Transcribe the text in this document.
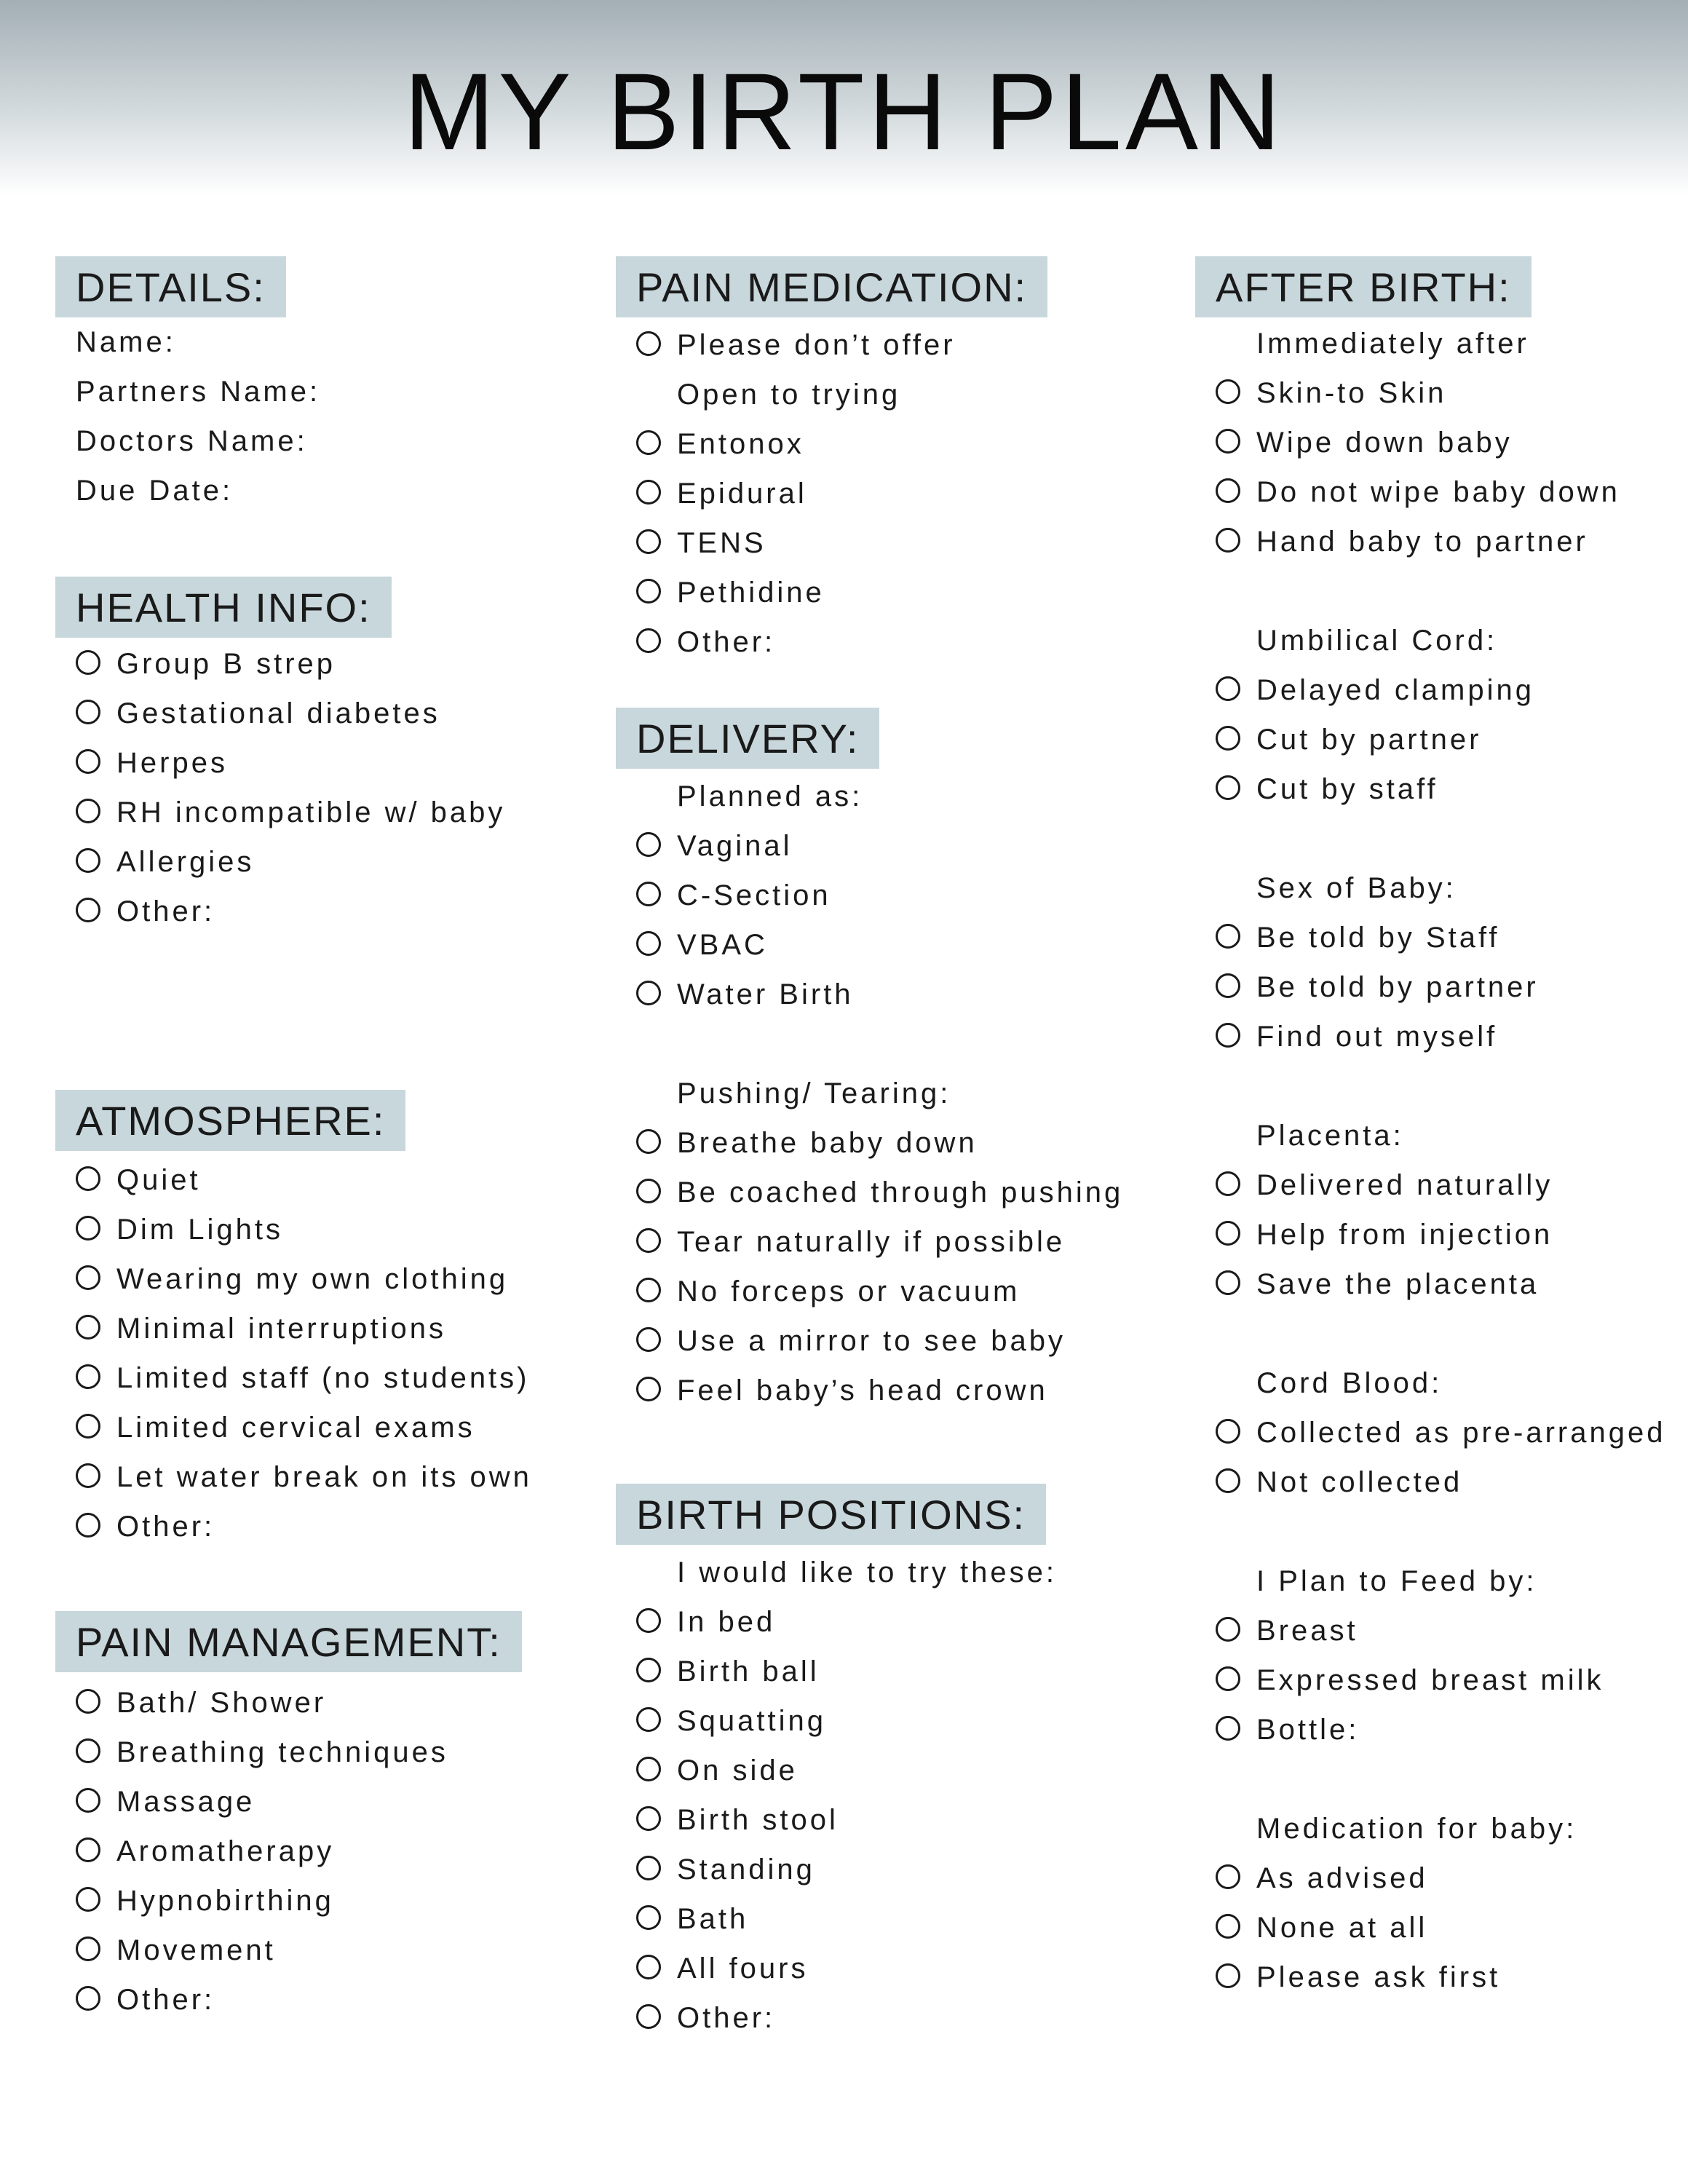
MY BIRTH PLAN
DETAILS:
Name:
Partners Name:
Doctors Name:
Due Date:
HEALTH INFO:
Group B strep
Gestational diabetes
Herpes
RH incompatible w/ baby
Allergies
Other:
ATMOSPHERE:
Quiet
Dim Lights
Wearing my own clothing
Minimal interruptions
Limited staff (no students)
Limited cervical exams
Let water break on its own
Other:
PAIN MANAGEMENT:
Bath/ Shower
Breathing techniques
Massage
Aromatherapy
Hypnobirthing
Movement
Other:
PAIN MEDICATION:
Please don’t offer
Open to trying
Entonox
Epidural
TENS
Pethidine
Other:
DELIVERY:
Planned as:
Vaginal
C-Section
VBAC
Water Birth
Pushing/ Tearing:
Breathe baby down
Be coached through pushing
Tear naturally if possible
No forceps or vacuum
Use a mirror to see baby
Feel baby’s head crown
BIRTH POSITIONS:
I would like to try these:
In bed
Birth ball
Squatting
On side
Birth stool
Standing
Bath
All fours
Other:
AFTER BIRTH:
Immediately after
Skin-to Skin
Wipe down baby
Do not wipe baby down
Hand baby to partner
Umbilical Cord:
Delayed clamping
Cut by partner
Cut by staff
Sex of Baby:
Be told by Staff
Be told by partner
Find out myself
Placenta:
Delivered naturally
Help from injection
Save the placenta
Cord Blood:
Collected as pre-arranged
Not collected
I Plan to Feed by:
Breast
Expressed breast milk
Bottle:
Medication for baby:
As advised
None at all
Please ask first
